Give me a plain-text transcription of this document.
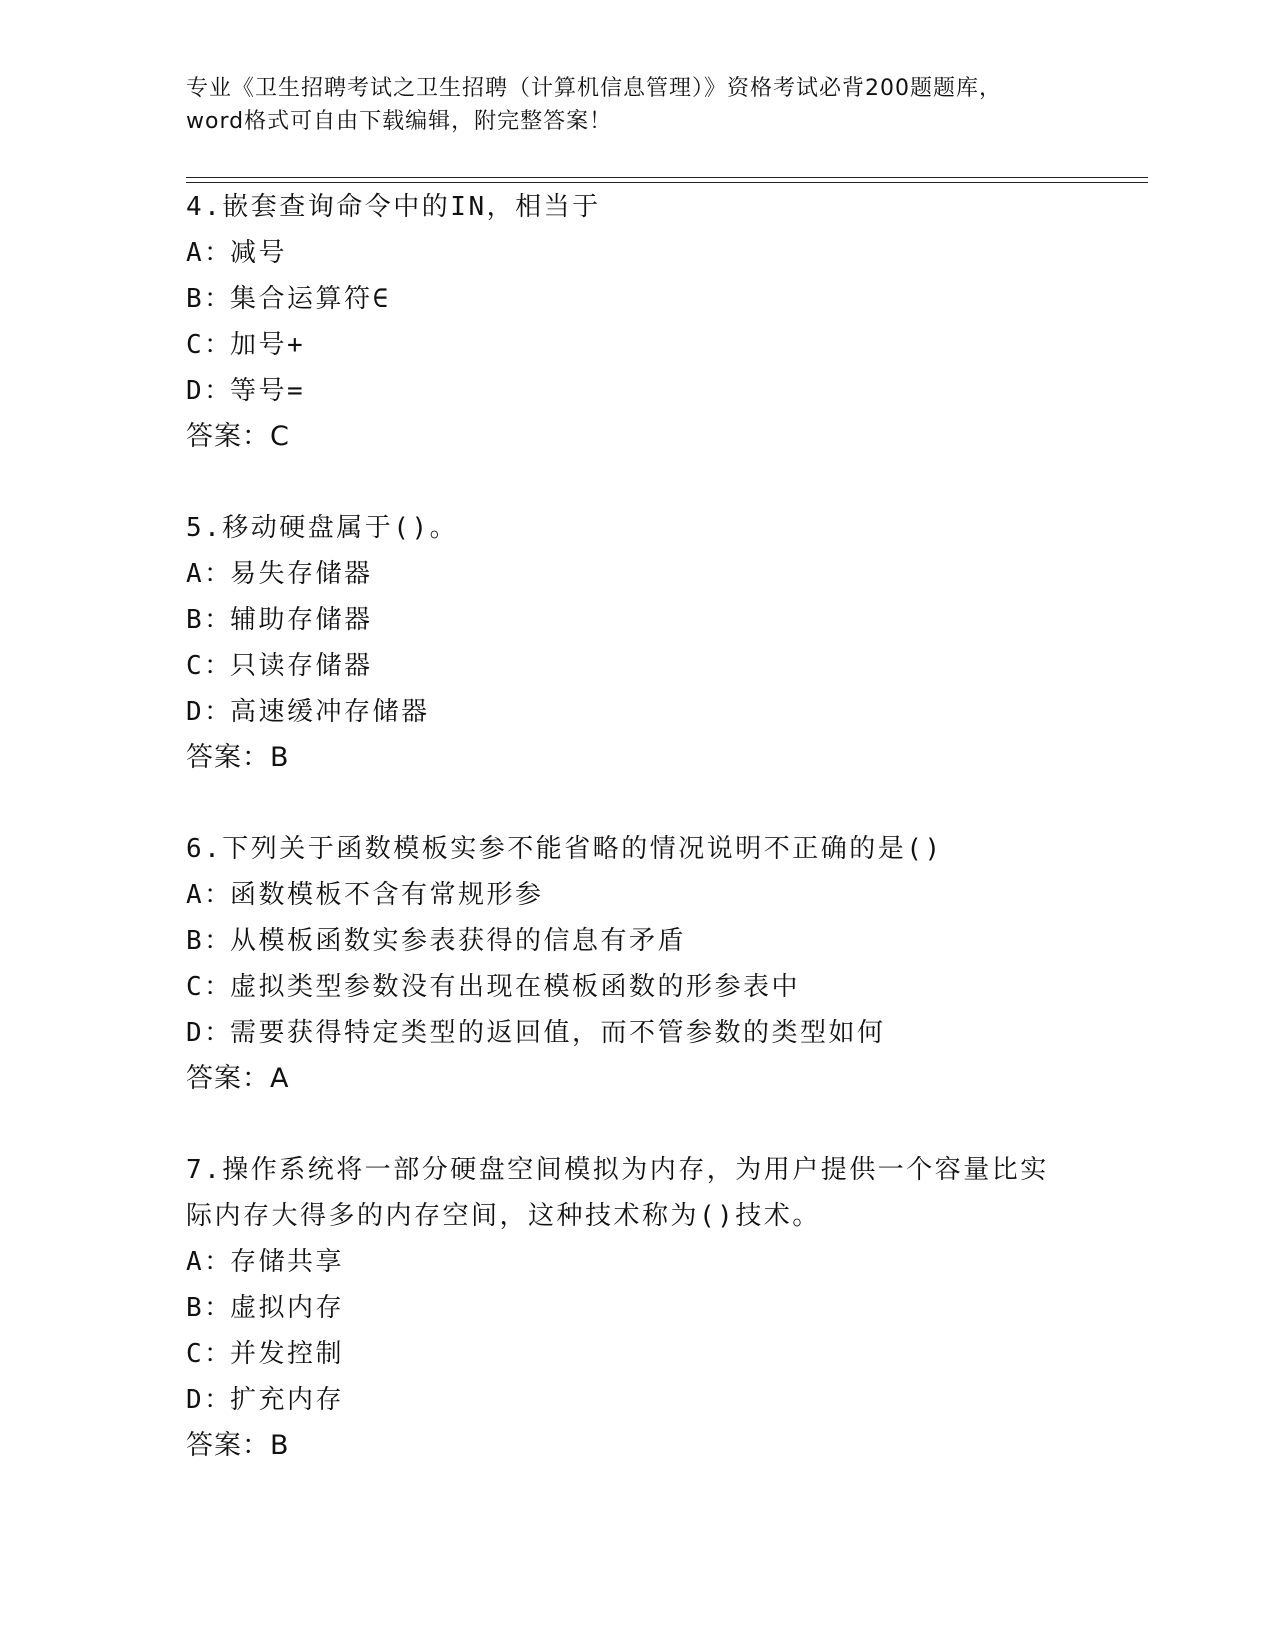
专业《卫生招聘考试之卫生招聘（计算机信息管理）》资格考试必背200题题库，
word格式可自由下载编辑，附完整答案！
4.嵌套查询命令中的IN，相当于
A：减号
B：集合运算符∈
C：加号+
D：等号=
答案：C
5.移动硬盘属于()。
A：易失存储器
B：辅助存储器
C：只读存储器
D：高速缓冲存储器
答案：B
6.下列关于函数模板实参不能省略的情况说明不正确的是()
A：函数模板不含有常规形参
B：从模板函数实参表获得的信息有矛盾
C：虚拟类型参数没有出现在模板函数的形参表中
D：需要获得特定类型的返回值，而不管参数的类型如何
答案：A
7.操作系统将一部分硬盘空间模拟为内存，为用户提供一个容量比实
际内存大得多的内存空间，这种技术称为()技术。
A：存储共享
B：虚拟内存
C：并发控制
D：扩充内存
答案：B
